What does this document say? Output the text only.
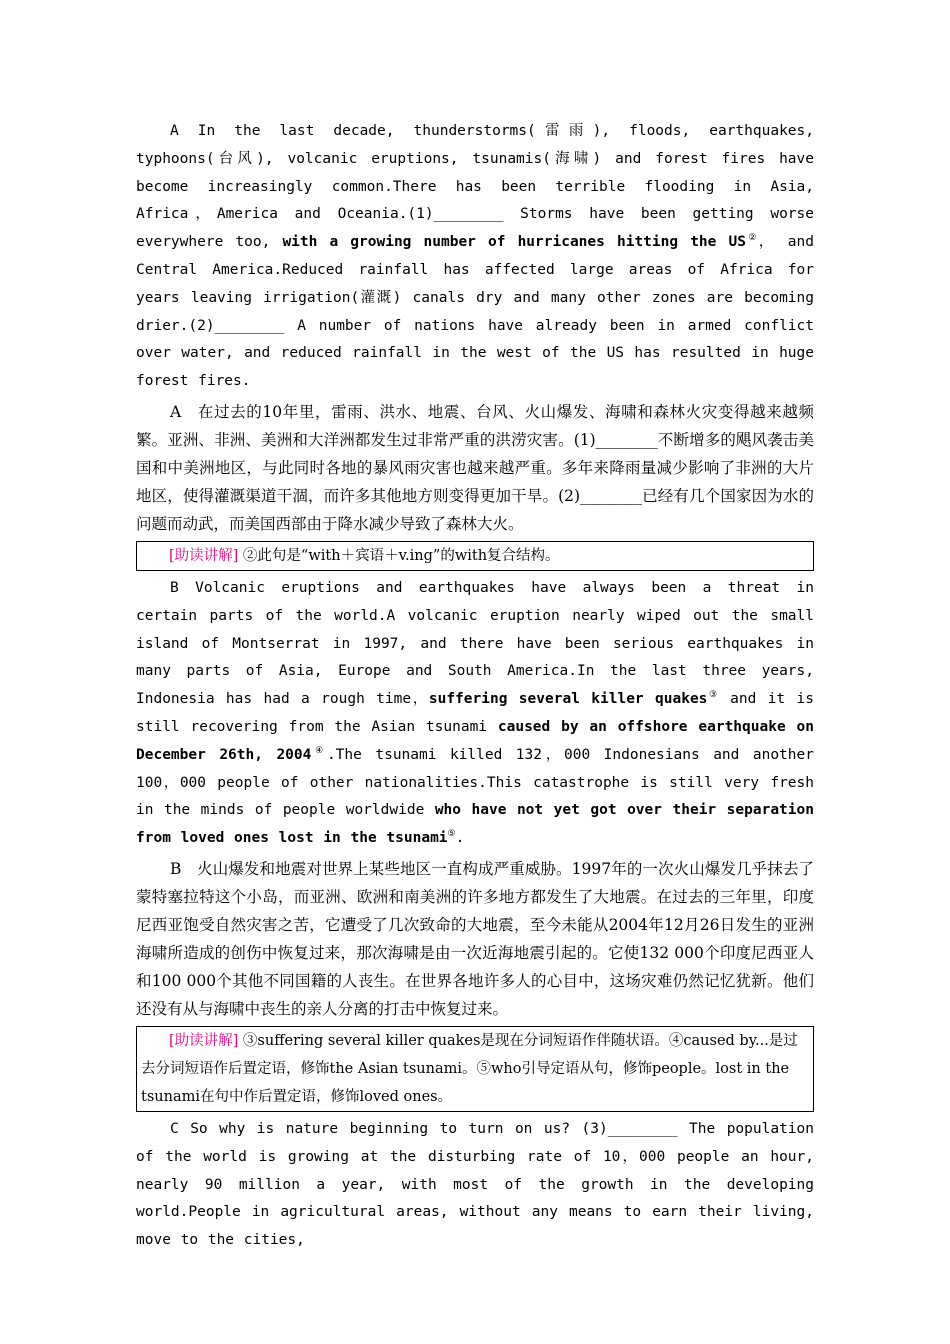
A In the last decade, thunderstorms(雷雨), floods, earthquakes, typhoons(台风), volcanic eruptions, tsunamis(海啸) and forest fires have become increasingly common.There has been terrible flooding in Asia, Africa，America and Oceania.(1)________ Storms have been getting worse everywhere too, with a growing number of hurricanes hitting the US②， and Central America.Reduced rainfall has affected large areas of Africa for years leaving irrigation(灌溉) canals dry and many other zones are becoming drier.(2)________ A number of nations have already been in armed conflict over water, and reduced rainfall in the west of the US has resulted in huge forest fires.

A　在过去的10年里，雷雨、洪水、地震、台风、火山爆发、海啸和森林火灾变得越来越频繁。亚洲、非洲、美洲和大洋洲都发生过非常严重的洪涝灾害。(1)________不断增多的飓风袭击美国和中美洲地区，与此同时各地的暴风雨灾害也越来越严重。多年来降雨量减少影响了非洲的大片地区，使得灌溉渠道干涸，而许多其他地方则变得更加干旱。(2)________已经有几个国家因为水的问题而动武，而美国西部由于降水减少导致了森林大火。

[助读讲解] ②此句是“with＋宾语＋v.ing”的with复合结构。

B Volcanic eruptions and earthquakes have always been a threat in certain parts of the world.A volcanic eruption nearly wiped out the small island of Montserrat in 1997, and there have been serious earthquakes in many parts of Asia, Europe and South America.In the last three years, Indonesia has had a rough time，suffering several killer quakes③ and it is still recovering from the Asian tsunami caused by an offshore earthquake on December 26th, 2004④.The tsunami killed 132，000 Indonesians and another 100，000 people of other nationalities.This catastrophe is still very fresh in the minds of people worldwide who have not yet got over their separation from loved ones lost in the tsunami⑤.

B　火山爆发和地震对世界上某些地区一直构成严重威胁。1997年的一次火山爆发几乎抹去了蒙特塞拉特这个小岛，而亚洲、欧洲和南美洲的许多地方都发生了大地震。在过去的三年里，印度尼西亚饱受自然灾害之苦，它遭受了几次致命的大地震，至今未能从2004年12月26日发生的亚洲海啸所造成的创伤中恢复过来，那次海啸是由一次近海地震引起的。它使132 000个印度尼西亚人和100 000个其他不同国籍的人丧生。在世界各地许多人的心目中，这场灾难仍然记忆犹新。他们还没有从与海啸中丧生的亲人分离的打击中恢复过来。

[助读讲解] ③suffering several killer quakes是现在分词短语作伴随状语。④caused by...是过去分词短语作后置定语，修饰the Asian tsunami。⑤who引导定语从句，修饰people。lost in the tsunami在句中作后置定语，修饰loved ones。

C So why is nature beginning to turn on us? (3)________ The population of the world is growing at the disturbing rate of 10，000 people an hour, nearly 90 million a year, with most of the growth in the developing world.People in agricultural areas, without any means to earn their living, move to the cities,
